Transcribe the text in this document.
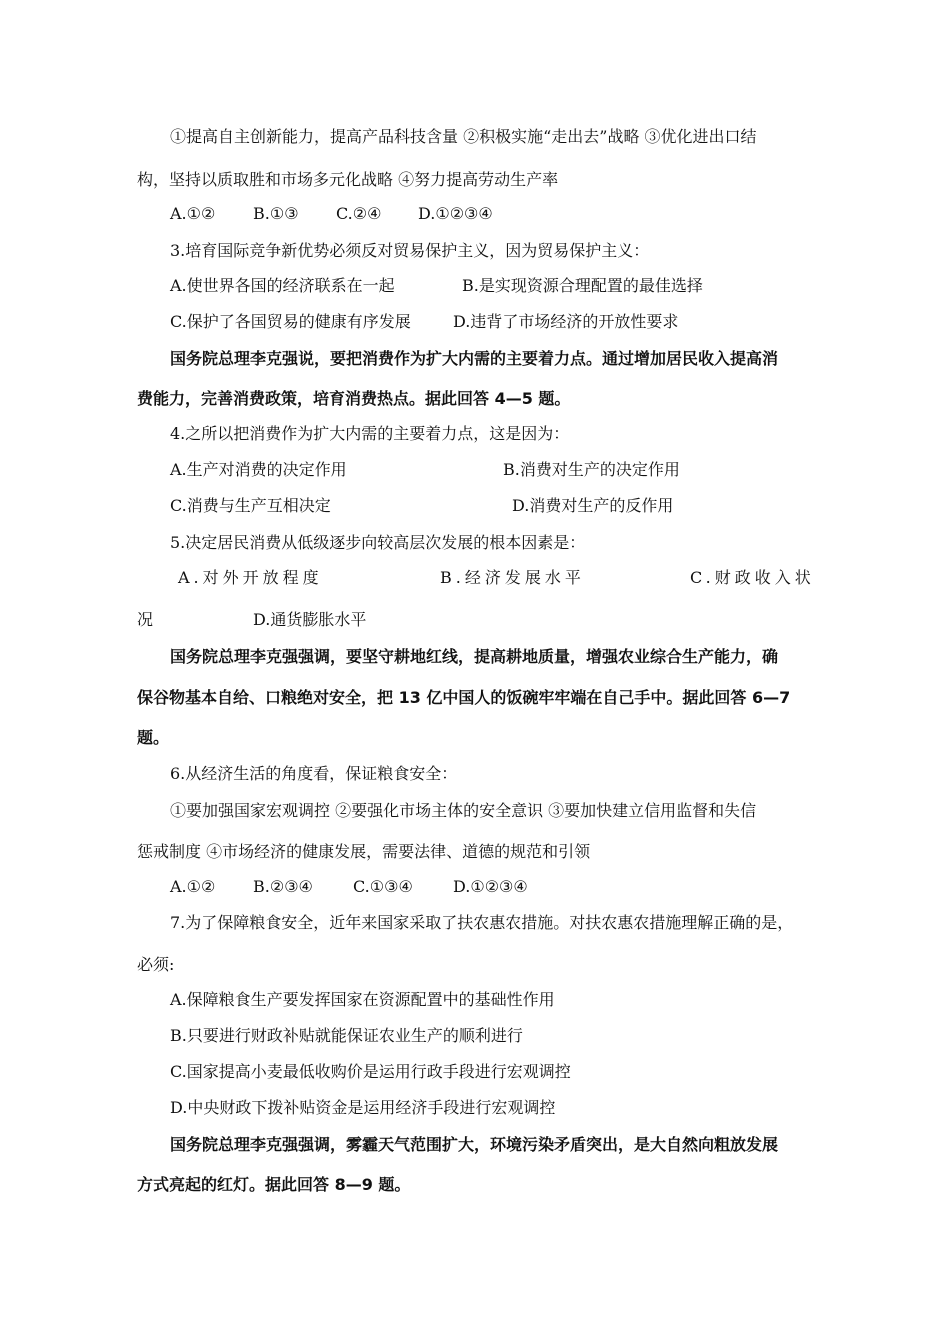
①提高自主创新能力，提高产品科技含量 ②积极实施“走出去”战略 ③优化进出口结
构，坚持以质取胜和市场多元化战略 ④努力提高劳动生产率
A.①② B.①③ C.②④ D.①②③④
3.培育国际竞争新优势必须反对贸易保护主义，因为贸易保护主义：
A.使世界各国的经济联系在一起	B.是实现资源合理配置的最佳选择
C.保护了各国贸易的健康有序发展	D.违背了市场经济的开放性要求
国务院总理李克强说，要把消费作为扩大内需的主要着力点。通过增加居民收入提高消
费能力，完善消费政策，培育消费热点。据此回答 4—5 题。
4.之所以把消费作为扩大内需的主要着力点，这是因为：
A.生产对消费的决定作用	B.消费对生产的决定作用
C.消费与生产互相决定	D.消费对生产的反作用
5.决定居民消费从低级逐步向较高层次发展的根本因素是：
A.对外开放程度	B.经济发展水平	C.财政收入状
况	D.通货膨胀水平
国务院总理李克强强调，要坚守耕地红线，提高耕地质量，增强农业综合生产能力，确
保谷物基本自给、口粮绝对安全，把 13 亿中国人的饭碗牢牢端在自己手中。据此回答 6—7
题。
6.从经济生活的角度看，保证粮食安全：
①要加强国家宏观调控 ②要强化市场主体的安全意识 ③要加快建立信用监督和失信
惩戒制度 ④市场经济的健康发展，需要法律、道德的规范和引领
A.①② B.②③④	C.①③④	D.①②③④
7.为了保障粮食安全，近年来国家采取了扶农惠农措施。对扶农惠农措施理解正确的是，
必须:
A.保障粮食生产要发挥国家在资源配置中的基础性作用
B.只要进行财政补贴就能保证农业生产的顺利进行
C.国家提高小麦最低收购价是运用行政手段进行宏观调控
D.中央财政下拨补贴资金是运用经济手段进行宏观调控
国务院总理李克强强调，雾霾天气范围扩大，环境污染矛盾突出，是大自然向粗放发展
方式亮起的红灯。据此回答 8—9 题。
